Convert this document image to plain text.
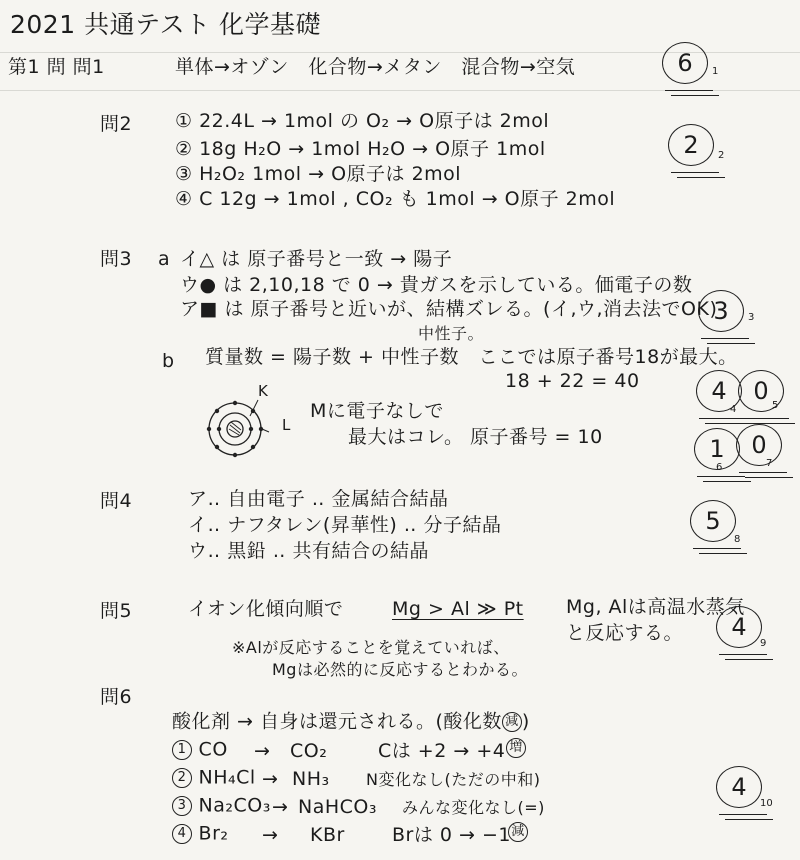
2021 共通テスト 化学基礎
第1 問 問1	単体→オゾン　化合物→メタン　混合物→空気	6	1
問2 ① 22.4L → 1mol の O₂ → O原子は 2mol
② 18g H₂O → 1mol H₂O → O原子 1mol
③ H₂O₂ 1mol → O原子は 2mol
④ C 12g → 1mol , CO₂ も 1mol → O原子 2mol
2	2
問3 a イ△ は 原子番号と一致 → 陽子
ウ● は 2,10,18 で 0 → 貴ガスを示している。価電子の数
ア■ は 原子番号と近いが、結構ズレる。(イ,ウ,消去法でOK)
中性子。
3	3
b 質量数 = 陽子数 + 中性子数　ここでは原子番号18が最大。
18 + 22 = 40
K
L
Mに電子なしで
最大はコレ。 原子番号 = 10
4
4
0
5
1
6
0
7
問4	ア‥ 自由電子 ‥ 金属結合結晶
イ‥ ナフタレン(昇華性) ‥ 分子結晶
ウ‥ 黒鉛 ‥ 共有結合の結晶
5
8
問5	イオン化傾向順で	Mg > Al ≫ Pt Mg, Alは高温水蒸気
と反応する。
※Alが反応することを覚えていれば、
Mgは必然的に反応するとわかる。
4
9
問6
酸化剤 → 自身は還元される。(酸化数 減 )
1 CO → CO₂	Cは +2 → +4 増
2 NH₄Cl → NH₃ N変化なし(ただの中和)
3 Na₂CO₃ → NaHCO₃ みんな変化なし(=)
4 Br₂ → KBr Brは 0 → −1 減
4
10
